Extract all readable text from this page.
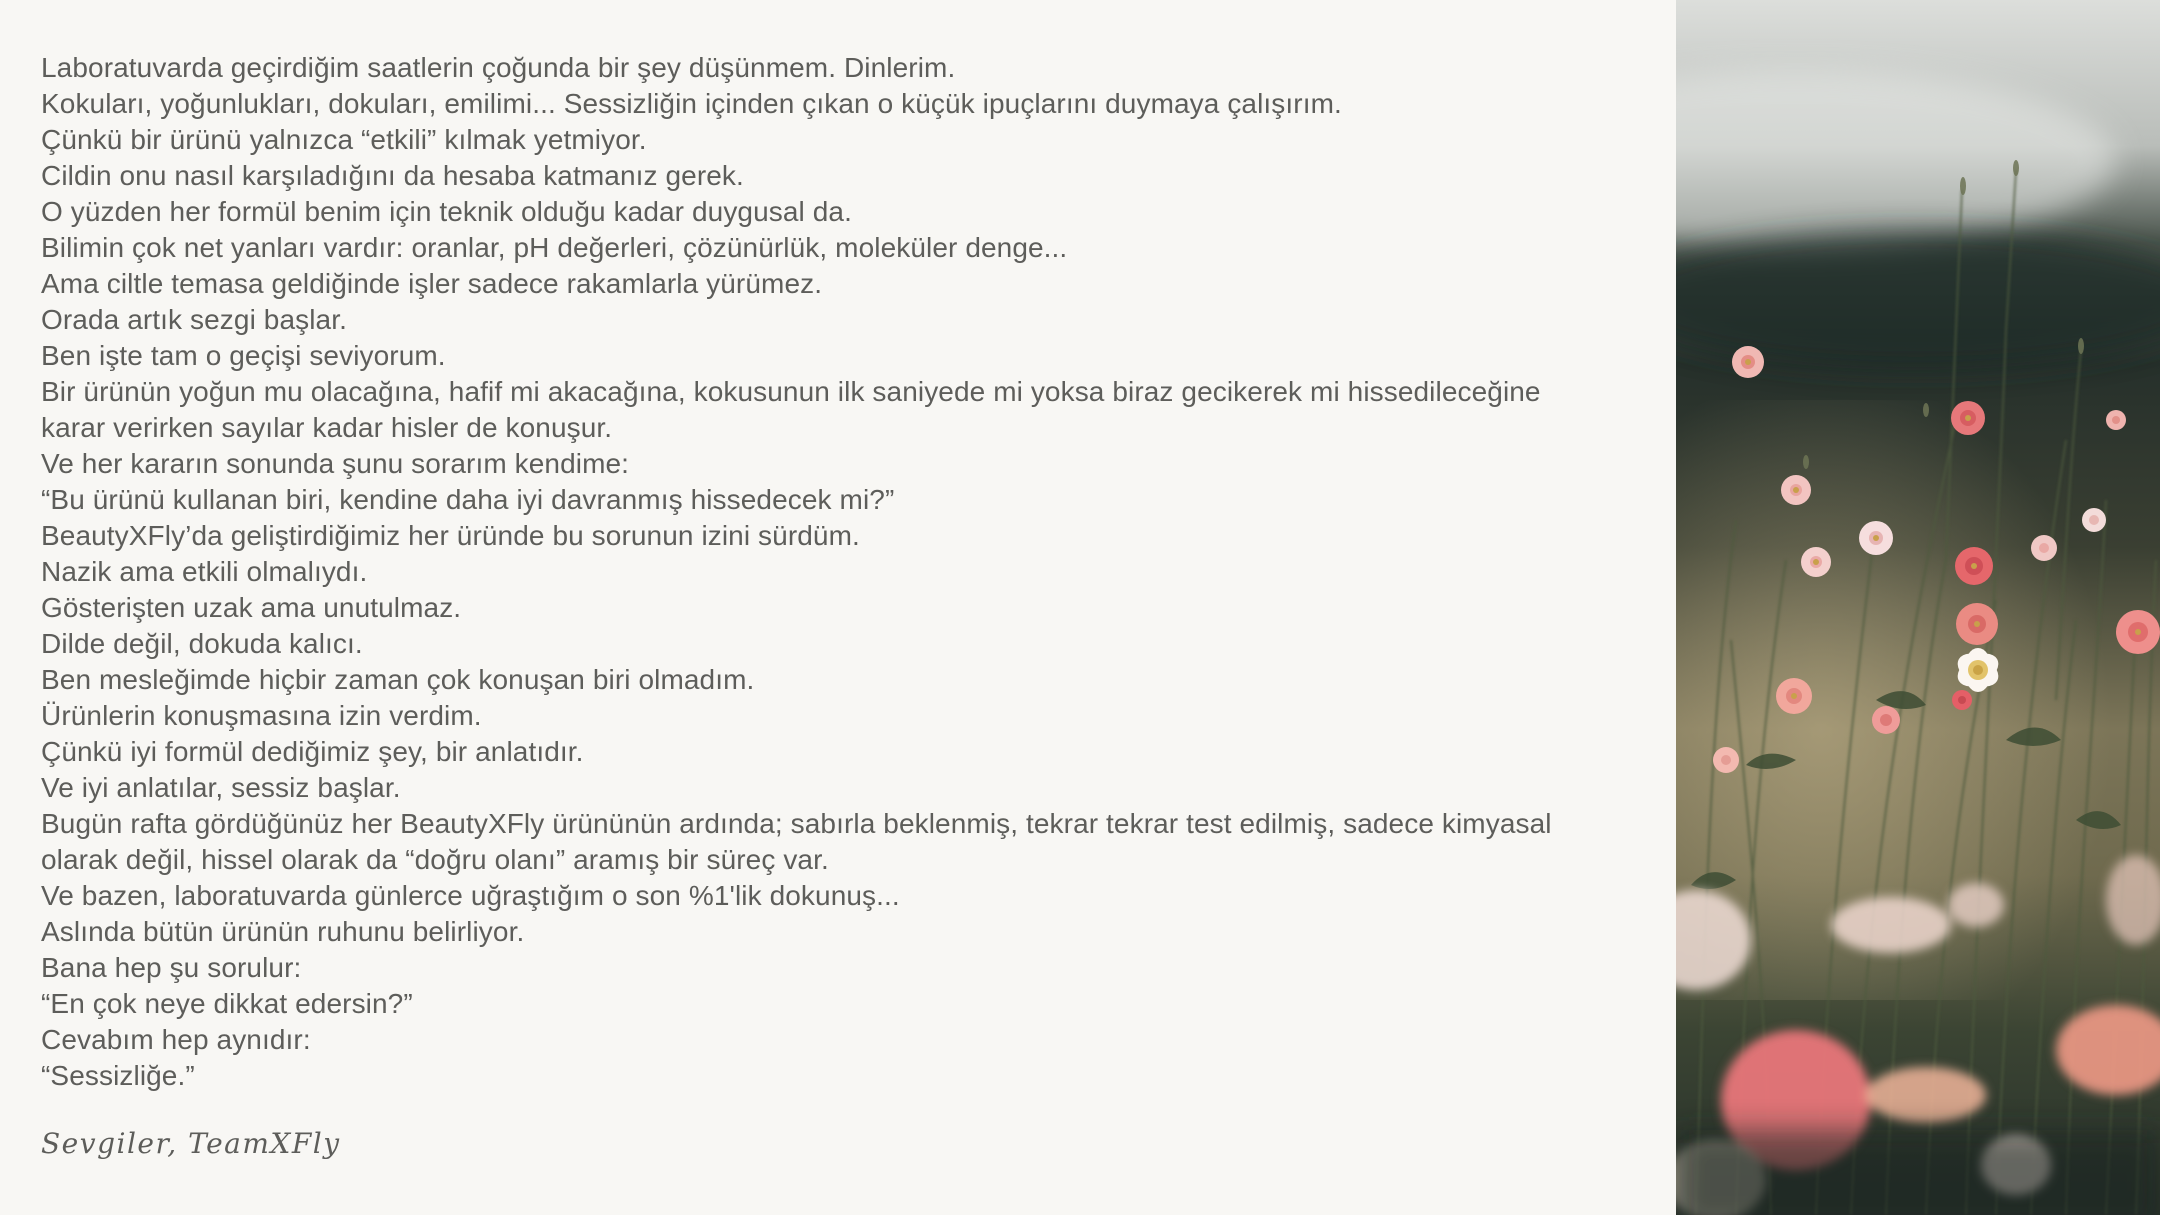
Laboratuvarda geçirdiğim saatlerin çoğunda bir şey düşünmem. Dinlerim.

Kokuları, yoğunlukları, dokuları, emilimi... Sessizliğin içinden çıkan o küçük ipuçlarını duymaya çalışırım.

Çünkü bir ürünü yalnızca “etkili” kılmak yetmiyor.

Cildin onu nasıl karşıladığını da hesaba katmanız gerek.

O yüzden her formül benim için teknik olduğu kadar duygusal da.

Bilimin çok net yanları vardır: oranlar, pH değerleri, çözünürlük, moleküler denge...

Ama ciltle temasa geldiğinde işler sadece rakamlarla yürümez.

Orada artık sezgi başlar.

Ben işte tam o geçişi seviyorum.

Bir ürünün yoğun mu olacağına, hafif mi akacağına, kokusunun ilk saniyede mi yoksa biraz gecikerek mi hissedileceğine

karar verirken sayılar kadar hisler de konuşur.

Ve her kararın sonunda şunu sorarım kendime:

“Bu ürünü kullanan biri, kendine daha iyi davranmış hissedecek mi?”

BeautyXFly’da geliştirdiğimiz her üründe bu sorunun izini sürdüm.

Nazik ama etkili olmalıydı.

Gösterişten uzak ama unutulmaz.

Dilde değil, dokuda kalıcı.

Ben mesleğimde hiçbir zaman çok konuşan biri olmadım.

Ürünlerin konuşmasına izin verdim.

Çünkü iyi formül dediğimiz şey, bir anlatıdır.

Ve iyi anlatılar, sessiz başlar.

Bugün rafta gördüğünüz her BeautyXFly ürününün ardında; sabırla beklenmiş, tekrar tekrar test edilmiş, sadece kimyasal

olarak değil, hissel olarak da “doğru olanı” aramış bir süreç var.

Ve bazen, laboratuvarda günlerce uğraştığım o son %1'lik dokunuş...

Aslında bütün ürünün ruhunu belirliyor.

Bana hep şu sorulur:

“En çok neye dikkat edersin?”

Cevabım hep aynıdır:

“Sessizliğe.”

Sevgiler, TeamXFly
